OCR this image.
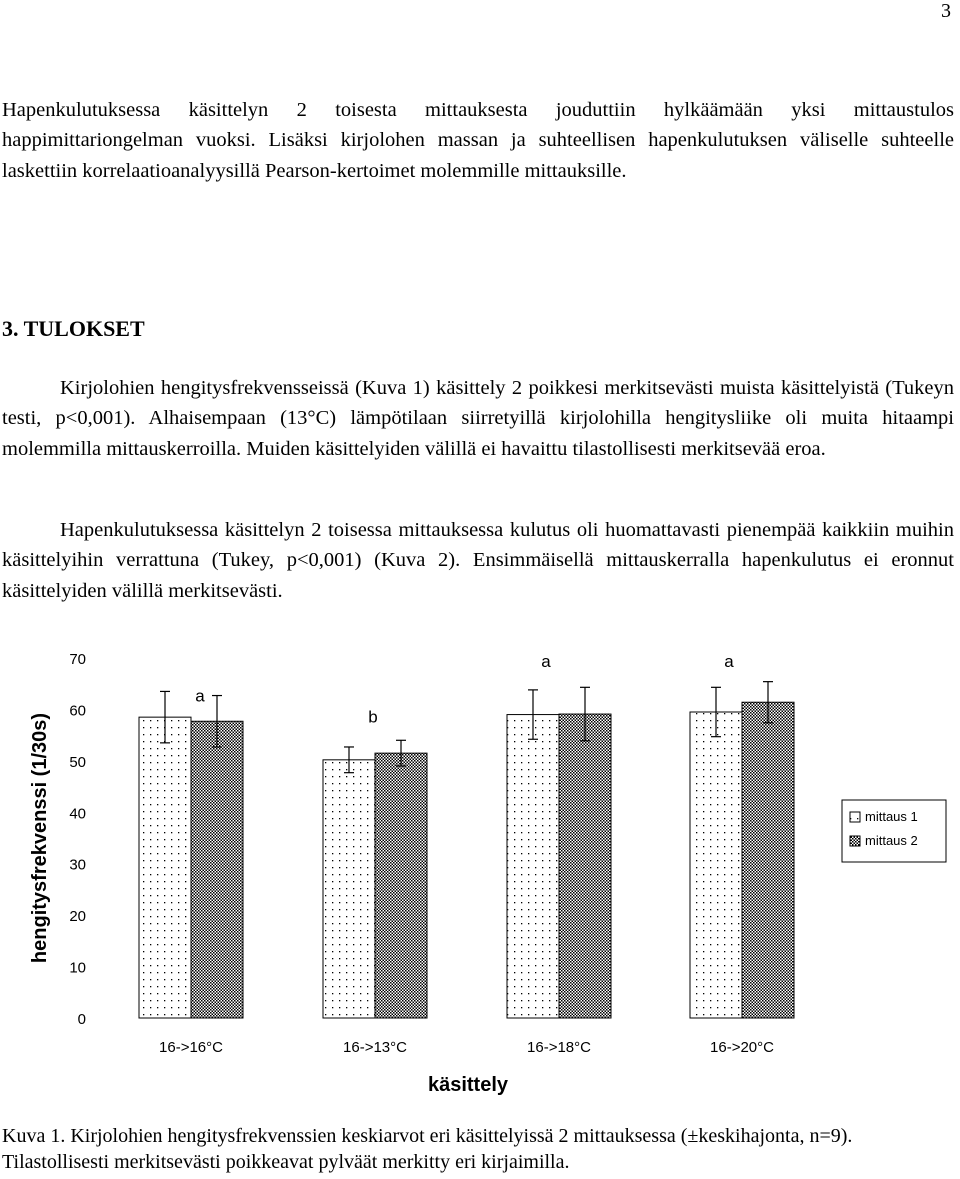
3

Hapenkulutuksessa käsittelyn 2 toisesta mittauksesta jouduttiin hylkäämään yksi mittaustulos happimittariongelman vuoksi. Lisäksi kirjolohen massan ja suhteellisen hapenkulutuksen väliselle suhteelle laskettiin korrelaatioanalyysillä Pearson-kertoimet molemmille mittauksille.

3. TULOKSET

Kirjolohien hengitysfrekvensseissä (Kuva 1) käsittely 2 poikkesi merkitsevästi muista käsittelyistä (Tukeyn testi, p<0,001). Alhaisempaan (13°C) lämpötilaan siirretyillä kirjolohilla hengitysliike oli muita hitaampi molemmilla mittauskerroilla. Muiden käsittelyiden välillä ei havaittu tilastollisesti merkitsevää eroa.

Hapenkulutuksessa käsittelyn 2 toisessa mittauksessa kulutus oli huomattavasti pienempää kaikkiin muihin käsittelyihin verrattuna (Tukey, p<0,001) (Kuva 2). Ensimmäisellä mittauskerralla hapenkulutus ei eronnut käsittelyiden välillä merkitsevästi.

0
10
20
30
40
50
60
70
a
b
a	a
16->16°C	16->13°C	16->18°C	16->20°C
hengitysfrekvenssi (1/30s)
käsittely
mittaus 1
mittaus 2

Kuva 1. Kirjolohien hengitysfrekvenssien keskiarvot eri käsittelyissä 2 mittauksessa (±keskihajonta, n=9). Tilastollisesti merkitsevästi poikkeavat pylväät merkitty eri kirjaimilla.
